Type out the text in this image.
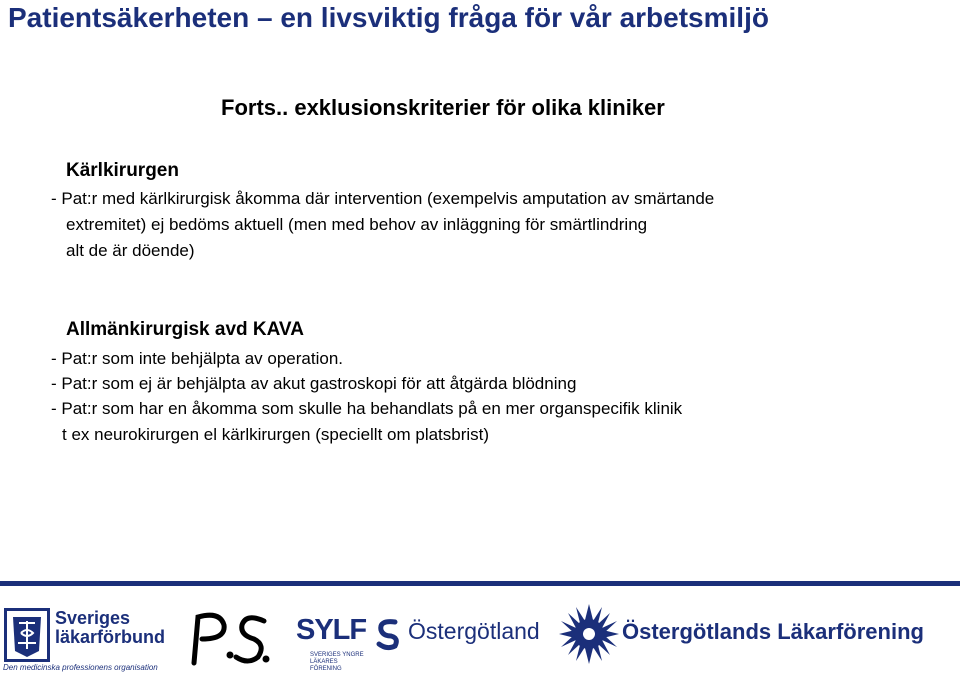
Patientsäkerheten – en livsviktig fråga för vår arbetsmiljö
Forts.. exklusionskriterier för olika kliniker

Kärlkirurgen

- Pat:r med kärlkirurgisk åkomma där intervention (exempelvis amputation av smärtande

extremitet) ej bedöms aktuell (men med behov av inläggning för smärtlindring

alt de är döende)

Allmänkirurgisk avd KAVA

- Pat:r som inte behjälpta av operation.

- Pat:r som ej är behjälpta av akut gastroskopi för att åtgärda blödning

- Pat:r som har en åkomma som skulle ha behandlats på en mer organspecifik klinik

t ex neurokirurgen el kärlkirurgen (speciellt om platsbrist)

Sveriges
läkarförbund
Den medicinska professionens organisation
SYLF Östergötland
SVERIGES YNGRE LÄKARES FÖRENING
Östergötlands Läkarförening
